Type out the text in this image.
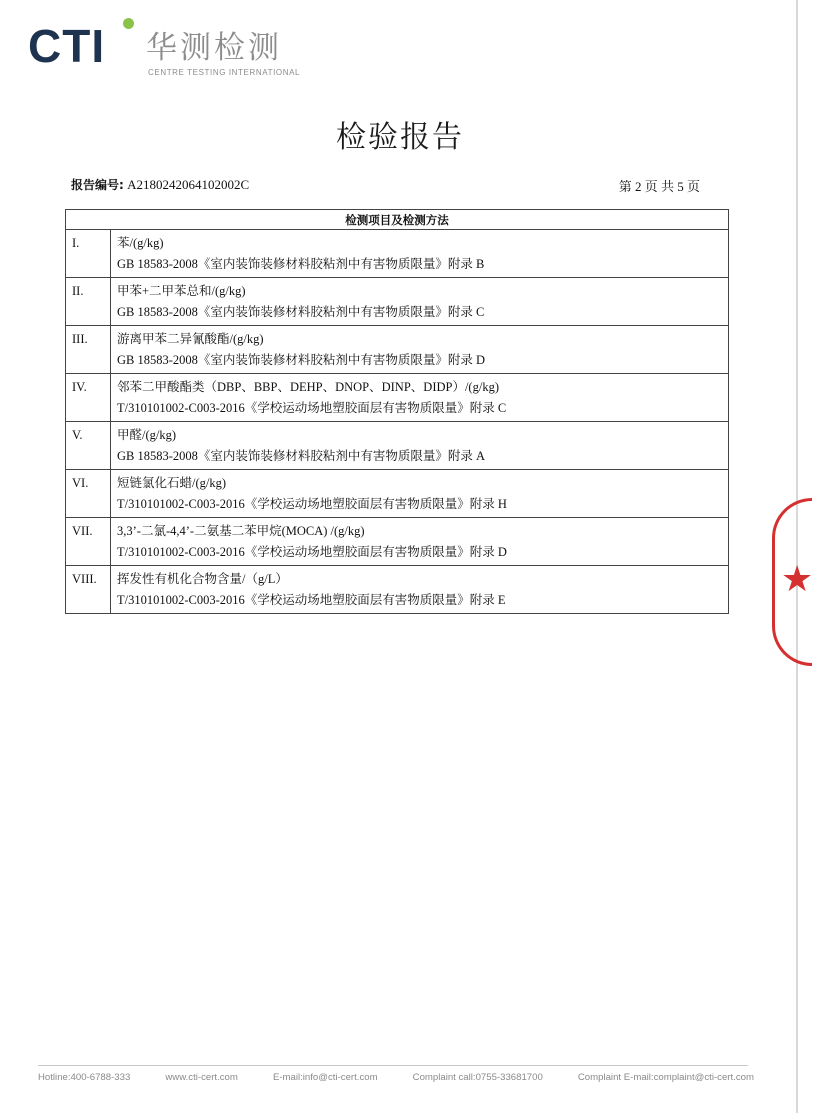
CTI 华测检测
CENTRE TESTING INTERNATIONAL
检验报告
报告编号: A2180242064102002C	第 2 页 共 5 页
检测项目及检测方法	
I.	苯/(g/kg)
GB 18583-2008《室内装饰装修材料胶粘剂中有害物质限量》附录 B

II.	甲苯+二甲苯总和/(g/kg)
GB 18583-2008《室内装饰装修材料胶粘剂中有害物质限量》附录 C

III.	游离甲苯二异氰酸酯/(g/kg)
GB 18583-2008《室内装饰装修材料胶粘剂中有害物质限量》附录 D

IV.	邻苯二甲酸酯类（DBP、BBP、DEHP、DNOP、DINP、DIDP）/(g/kg)
T/310101002-C003-2016《学校运动场地塑胶面层有害物质限量》附录 C

V.	甲醛/(g/kg)
GB 18583-2008《室内装饰装修材料胶粘剂中有害物质限量》附录 A

VI.	短链氯化石蜡/(g/kg)
T/310101002-C003-2016《学校运动场地塑胶面层有害物质限量》附录 H

VII.	3,3’-二氯-4,4’-二氨基二苯甲烷(MOCA) /(g/kg)
T/310101002-C003-2016《学校运动场地塑胶面层有害物质限量》附录 D

VIII.	挥发性有机化合物含量/（g/L）
T/310101002-C003-2016《学校运动场地塑胶面层有害物质限量》附录 E
★
Hotline:400-6788-333	www.cti-cert.com	E-mail:info@cti-cert.com	Complaint call:0755-33681700	Complaint E-mail:complaint@cti-cert.com
